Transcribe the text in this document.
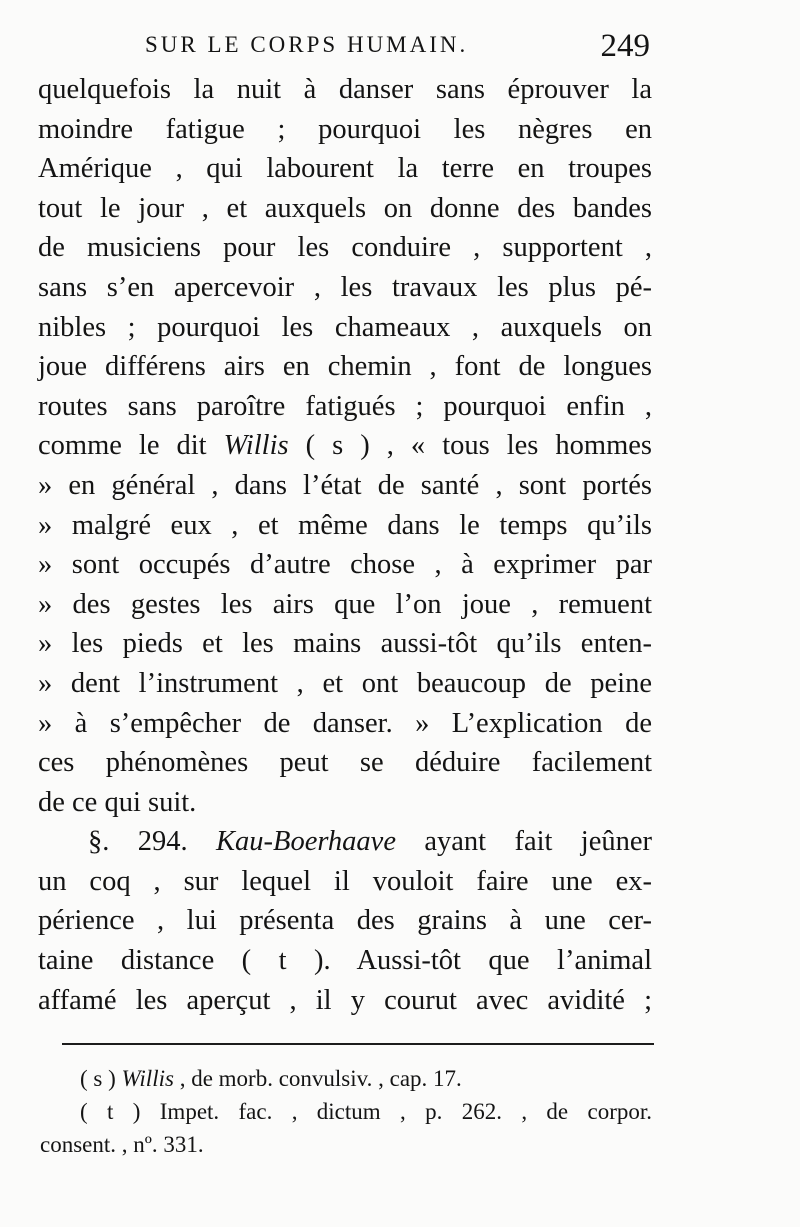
SUR LE CORPS HUMAIN.	249
quelquefois la nuit à danser sans éprouver la
moindre fatigue ; pourquoi les nègres en
Amérique , qui labourent la terre en troupes
tout le jour , et auxquels on donne des bandes
de musiciens pour les conduire , supportent ,
sans s’en apercevoir , les travaux les plus pé-
nibles ; pourquoi les chameaux , auxquels on
joue différens airs en chemin , font de longues
routes sans paroître fatigués ; pourquoi enfin ,
comme le dit Willis ( s ) , « tous les hommes
» en général , dans l’état de santé , sont portés
» malgré eux , et même dans le temps qu’ils
» sont occupés d’autre chose , à exprimer par
» des gestes les airs que l’on joue , remuent
» les pieds et les mains aussi-tôt qu’ils enten-
» dent l’instrument , et ont beaucoup de peine
» à s’empêcher de danser. » L’explication de
ces phénomènes peut se déduire facilement
de ce qui suit.
§. 294. Kau-Boerhaave ayant fait jeûner
un coq , sur lequel il vouloit faire une ex-
périence , lui présenta des grains à une cer-
taine distance ( t ). Aussi-tôt que l’animal
affamé les aperçut , il y courut avec avidité ;
( s ) Willis , de morb. convulsiv. , cap. 17.
( t ) Impet. fac. , dictum , p. 262. , de corpor.
consent. , nº. 331.
